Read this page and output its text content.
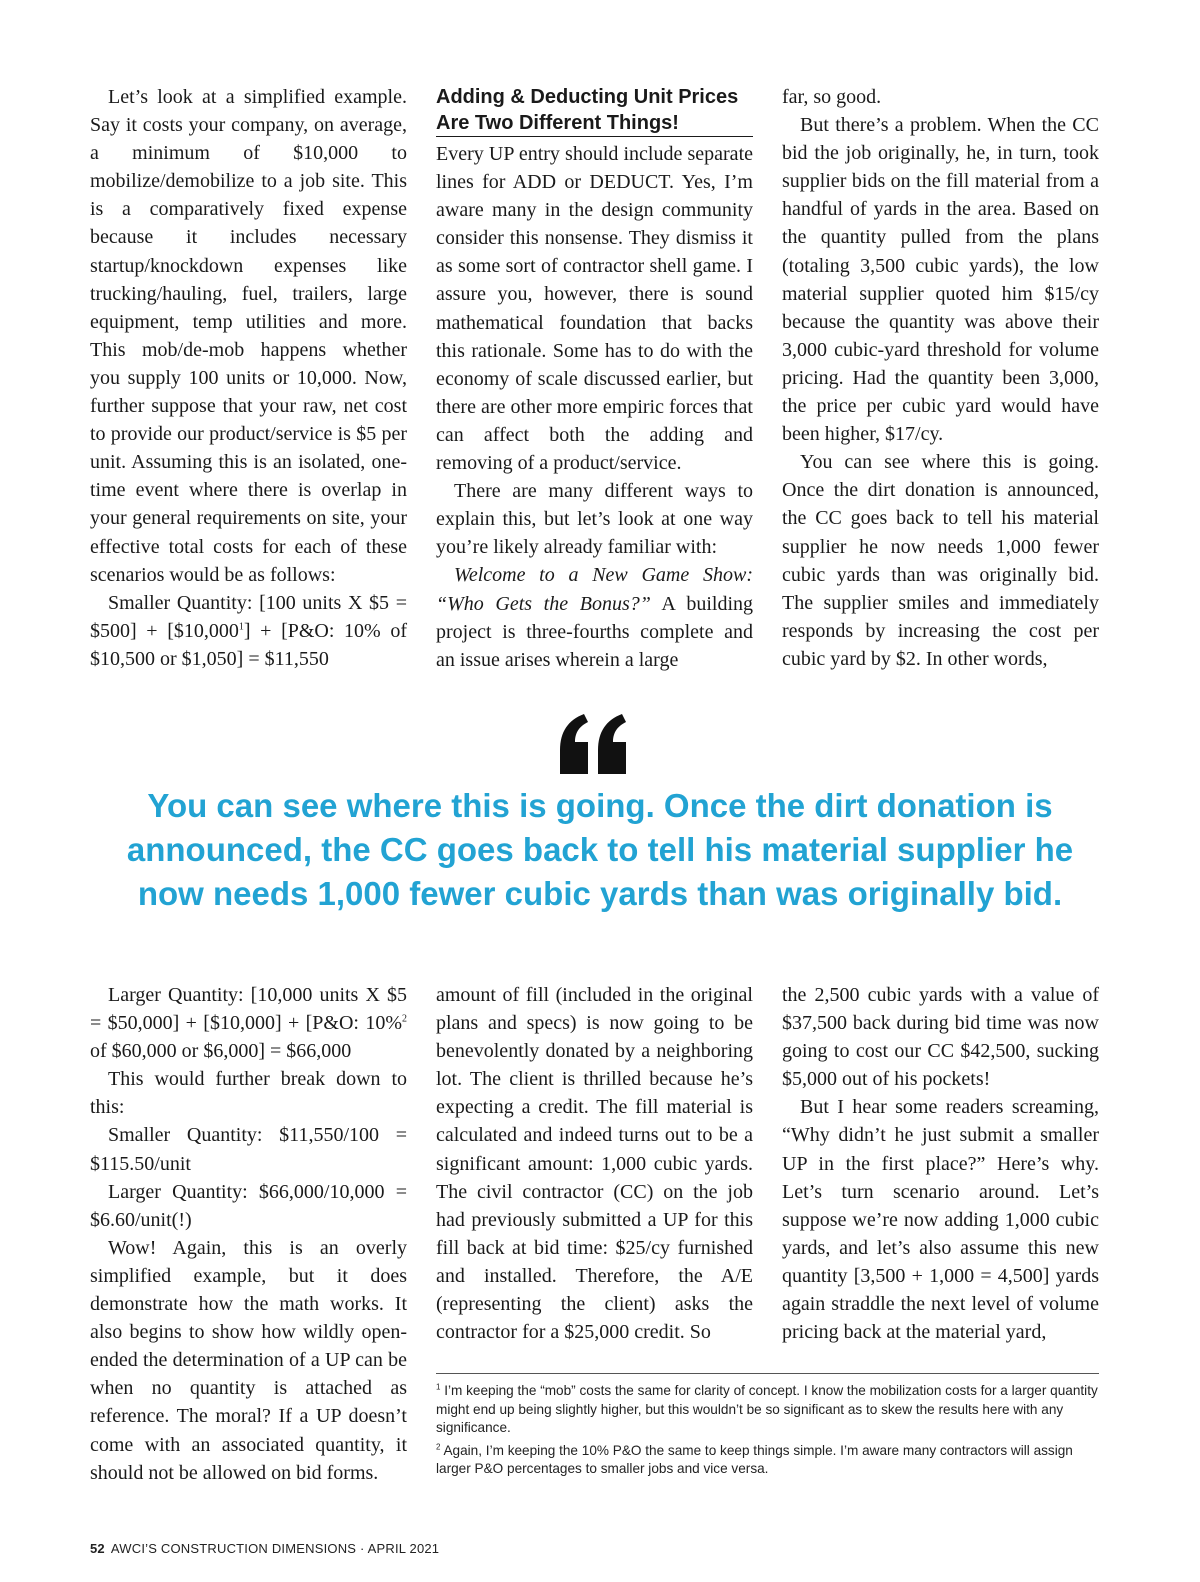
Let’s look at a simplified example. Say it costs your company, on average, a minimum of $10,000 to mobilize/demobilize to a job site. This is a comparatively fixed expense because it includes necessary startup/knockdown expenses like trucking/hauling, fuel, trailers, large equipment, temp utilities and more. This mob/de-mob happens whether you supply 100 units or 10,000. Now, further suppose that your raw, net cost to provide our product/service is $5 per unit. Assuming this is an isolated, one-time event where there is overlap in your general requirements on site, your effective total costs for each of these scenarios would be as follows:

Smaller Quantity: [100 units X $5 = $500] + $[\$10,000^1]$ + [P&O: 10% of $10,500 or $1,050] = $11,550

Adding & Deducting Unit Prices
Are Two Different Things!

Every UP entry should include separate lines for ADD or DEDUCT. Yes, I’m aware many in the design community consider this nonsense. They dismiss it as some sort of contractor shell game. I assure you, however, there is sound mathematical foundation that backs this rationale. Some has to do with the economy of scale discussed earlier, but there are other more empiric forces that can affect both the adding and removing of a product/service.

There are many different ways to explain this, but let’s look at one way you’re likely already familiar with:

Welcome to a New Game Show: “Who Gets the Bonus?” A building project is three-fourths complete and an issue arises wherein a large

far, so good.

But there’s a problem. When the CC bid the job originally, he, in turn, took supplier bids on the fill material from a handful of yards in the area. Based on the quantity pulled from the plans (totaling 3,500 cubic yards), the low material supplier quoted him $15/cy because the quantity was above their 3,000 cubic-yard threshold for volume pricing. Had the quantity been 3,000, the price per cubic yard would have been higher, $17/cy.

You can see where this is going. Once the dirt donation is announced, the CC goes back to tell his material supplier he now needs 1,000 fewer cubic yards than was originally bid. The supplier smiles and immediately responds by increasing the cost per cubic yard by $2. In other words,

You can see where this is going. Once the dirt donation is announced, the CC goes back to tell his material supplier he now needs 1,000 fewer cubic yards than was originally bid.

Larger Quantity: [10,000 units X $5 = $50,000] + [$10,000] + [P&O: 10%$^2$ of $60,000 or $6,000] = $66,000

This would further break down to this:

Smaller Quantity: $11,550/100 = $115.50/unit

Larger Quantity: $66,000/10,000 = $6.60/unit(!)

Wow! Again, this is an overly simplified example, but it does demonstrate how the math works. It also begins to show how wildly open-ended the determination of a UP can be when no quantity is attached as reference. The moral? If a UP doesn’t come with an associated quantity, it should not be allowed on bid forms.

amount of fill (included in the original plans and specs) is now going to be benevolently donated by a neighboring lot. The client is thrilled because he’s expecting a credit. The fill material is calculated and indeed turns out to be a significant amount: 1,000 cubic yards. The civil contractor (CC) on the job had previously submitted a UP for this fill back at bid time: $25/cy furnished and installed. Therefore, the A/E (representing the client) asks the contractor for a $25,000 credit. So

the 2,500 cubic yards with a value of $37,500 back during bid time was now going to cost our CC $42,500, sucking $5,000 out of his pockets!

But I hear some readers screaming, “Why didn’t he just submit a smaller UP in the first place?” Here’s why. Let’s turn scenario around. Let’s suppose we’re now adding 1,000 cubic yards, and let’s also assume this new quantity [3,500 + 1,000 = 4,500] yards again straddle the next level of volume pricing back at the material yard,

$^1$ I’m keeping the “mob” costs the same for clarity of concept. I know the mobilization costs for a larger quantity might end up being slightly higher, but this wouldn’t be so significant as to skew the results here with any significance.

$^2$ Again, I’m keeping the 10% P&O the same to keep things simple. I’m aware many contractors will assign larger P&O percentages to smaller jobs and vice versa.

52 AWCI’S CONSTRUCTION DIMENSIONS · APRIL 2021
